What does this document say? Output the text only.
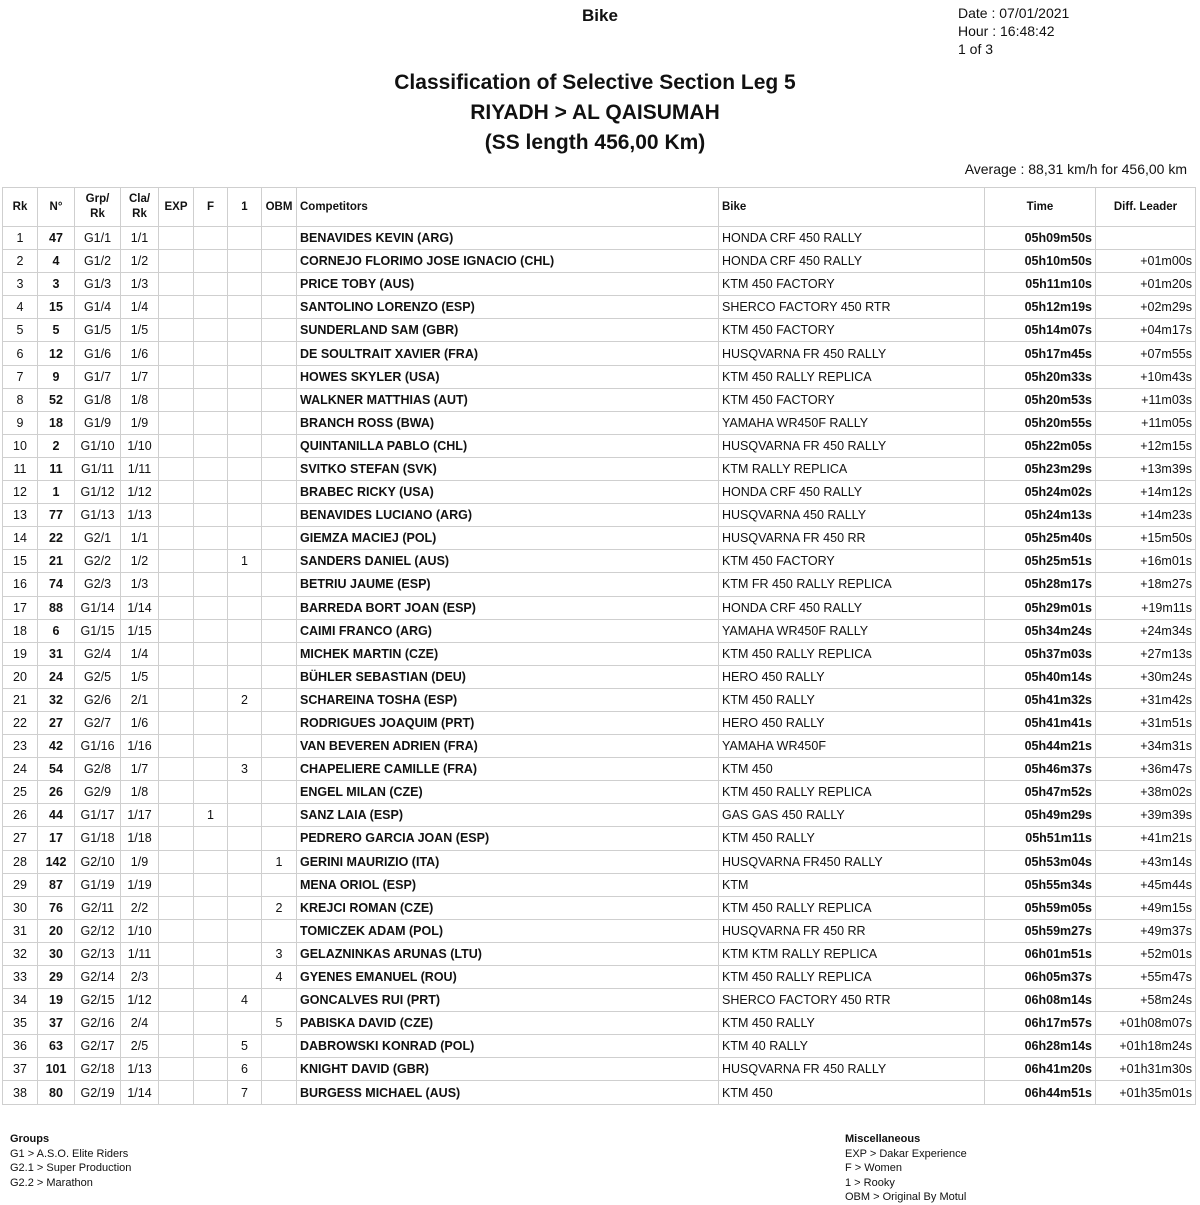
Bike	Date : 07/01/2021
Hour : 16:48:42
1 of 3
Classification of Selective Section Leg 5
RIYADH > AL QAISUMAH
(SS length 456,00 Km)
Average : 88,31 km/h for 456,00 km
Rk	N°	Grp/ Rk	Cla/ Rk	EXP	F	1	OBM	Competitors	Bike	Time	Diff. Leader
1	47	G1/1	1/1					BENAVIDES KEVIN (ARG)	HONDA CRF 450 RALLY	05h09m50s	
2	4	G1/2	1/2					CORNEJO FLORIMO JOSE IGNACIO (CHL)	HONDA CRF 450 RALLY	05h10m50s	+01m00s
3	3	G1/3	1/3					PRICE TOBY (AUS)	KTM 450 FACTORY	05h11m10s	+01m20s
4	15	G1/4	1/4					SANTOLINO LORENZO (ESP)	SHERCO FACTORY 450 RTR	05h12m19s	+02m29s
5	5	G1/5	1/5					SUNDERLAND SAM (GBR)	KTM 450 FACTORY	05h14m07s	+04m17s
6	12	G1/6	1/6					DE SOULTRAIT XAVIER (FRA)	HUSQVARNA FR 450 RALLY	05h17m45s	+07m55s
7	9	G1/7	1/7					HOWES SKYLER (USA)	KTM 450 RALLY REPLICA	05h20m33s	+10m43s
8	52	G1/8	1/8					WALKNER MATTHIAS (AUT)	KTM 450 FACTORY	05h20m53s	+11m03s
9	18	G1/9	1/9					BRANCH ROSS (BWA)	YAMAHA WR450F RALLY	05h20m55s	+11m05s
10	2	G1/10	1/10					QUINTANILLA PABLO (CHL)	HUSQVARNA FR 450 RALLY	05h22m05s	+12m15s
11	11	G1/11	1/11					SVITKO STEFAN (SVK)	KTM RALLY REPLICA	05h23m29s	+13m39s
12	1	G1/12	1/12					BRABEC RICKY (USA)	HONDA CRF 450 RALLY	05h24m02s	+14m12s
13	77	G1/13	1/13					BENAVIDES LUCIANO (ARG)	HUSQVARNA 450 RALLY	05h24m13s	+14m23s
14	22	G2/1	1/1					GIEMZA MACIEJ (POL)	HUSQVARNA FR 450 RR	05h25m40s	+15m50s
15	21	G2/2	1/2			1		SANDERS DANIEL (AUS)	KTM 450 FACTORY	05h25m51s	+16m01s
16	74	G2/3	1/3					BETRIU JAUME (ESP)	KTM FR 450 RALLY REPLICA	05h28m17s	+18m27s
17	88	G1/14	1/14					BARREDA BORT JOAN (ESP)	HONDA CRF 450 RALLY	05h29m01s	+19m11s
18	6	G1/15	1/15					CAIMI FRANCO (ARG)	YAMAHA WR450F RALLY	05h34m24s	+24m34s
19	31	G2/4	1/4					MICHEK MARTIN (CZE)	KTM 450 RALLY REPLICA	05h37m03s	+27m13s
20	24	G2/5	1/5					BÜHLER SEBASTIAN (DEU)	HERO 450 RALLY	05h40m14s	+30m24s
21	32	G2/6	2/1			2		SCHAREINA TOSHA (ESP)	KTM 450 RALLY	05h41m32s	+31m42s
22	27	G2/7	1/6					RODRIGUES JOAQUIM (PRT)	HERO 450 RALLY	05h41m41s	+31m51s
23	42	G1/16	1/16					VAN BEVEREN ADRIEN (FRA)	YAMAHA WR450F	05h44m21s	+34m31s
24	54	G2/8	1/7			3		CHAPELIERE CAMILLE (FRA)	KTM 450	05h46m37s	+36m47s
25	26	G2/9	1/8					ENGEL MILAN (CZE)	KTM 450 RALLY REPLICA	05h47m52s	+38m02s
26	44	G1/17	1/17		1			SANZ LAIA (ESP)	GAS GAS 450 RALLY	05h49m29s	+39m39s
27	17	G1/18	1/18					PEDRERO GARCIA JOAN (ESP)	KTM 450 RALLY	05h51m11s	+41m21s
28	142	G2/10	1/9				1	GERINI MAURIZIO (ITA)	HUSQVARNA FR450 RALLY	05h53m04s	+43m14s
29	87	G1/19	1/19					MENA ORIOL (ESP)	KTM	05h55m34s	+45m44s
30	76	G2/11	2/2				2	KREJCI ROMAN (CZE)	KTM 450 RALLY REPLICA	05h59m05s	+49m15s
31	20	G2/12	1/10					TOMICZEK ADAM (POL)	HUSQVARNA FR 450 RR	05h59m27s	+49m37s
32	30	G2/13	1/11				3	GELAZNINKAS ARUNAS (LTU)	KTM KTM RALLY REPLICA	06h01m51s	+52m01s
33	29	G2/14	2/3				4	GYENES EMANUEL (ROU)	KTM 450 RALLY REPLICA	06h05m37s	+55m47s
34	19	G2/15	1/12			4		GONCALVES RUI (PRT)	SHERCO FACTORY 450 RTR	06h08m14s	+58m24s
35	37	G2/16	2/4				5	PABISKA DAVID (CZE)	KTM 450 RALLY	06h17m57s	+01h08m07s
36	63	G2/17	2/5			5		DABROWSKI KONRAD (POL)	KTM 40 RALLY	06h28m14s	+01h18m24s
37	101	G2/18	1/13			6		KNIGHT DAVID (GBR)	HUSQVARNA FR 450 RALLY	06h41m20s	+01h31m30s
38	80	G2/19	1/14			7		BURGESS MICHAEL (AUS)	KTM 450	06h44m51s	+01h35m01s
Groups
G1 > A.S.O. Elite Riders
G2.1 > Super Production
G2.2 > Marathon
Miscellaneous
EXP > Dakar Experience
F > Women
1 > Rooky
OBM > Original By Motul
